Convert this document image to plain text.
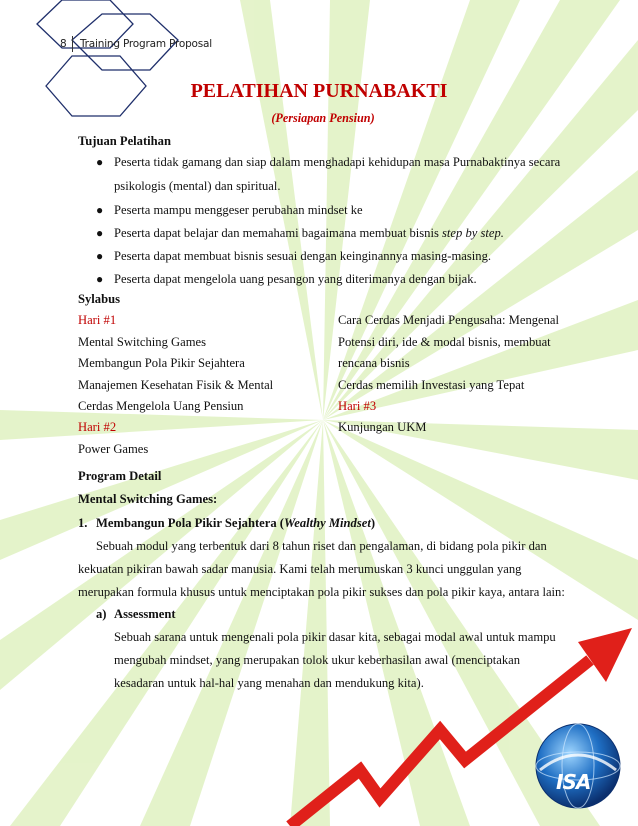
ISA
8 Training Program Proposal
PELATIHAN PURNABAKTI
(Persiapan Pensiun)
Tujuan Pelatihan
● Peserta tidak gamang dan siap dalam menghadapi kehidupan masa Purnabaktinya secara
psikologis (mental) dan spiritual.
● Peserta mampu menggeser perubahan mindset ke
● Peserta dapat belajar dan memahami bagaimana membuat bisnis step by step.
● Peserta dapat membuat bisnis sesuai dengan keinginannya masing-masing.
● Peserta dapat mengelola uang pesangon yang diterimanya dengan bijak.
Sylabus
Hari #1
Mental Switching Games
Membangun Pola Pikir Sejahtera
Manajemen Kesehatan Fisik & Mental
Cerdas Mengelola Uang Pensiun
Hari #2
Power Games
Cara Cerdas Menjadi Pengusaha: Mengenal
Potensi diri, ide & modal bisnis, membuat
rencana bisnis
Cerdas memilih Investasi yang Tepat
Hari #3
Kunjungan UKM
Program Detail
Mental Switching Games:
1. Membangun Pola Pikir Sejahtera (Wealthy Mindset)
Sebuah modul yang terbentuk dari 8 tahun riset dan pengalaman, di bidang pola pikir dan
kekuatan pikiran bawah sadar manusia. Kami telah merumuskan 3 kunci unggulan yang
merupakan formula khusus untuk menciptakan pola pikir sukses dan pola pikir kaya, antara lain:
a) Assessment
Sebuah sarana untuk mengenali pola pikir dasar kita, sebagai modal awal untuk mampu
mengubah mindset, yang merupakan tolok ukur keberhasilan awal (menciptakan
kesadaran untuk hal-hal yang menahan dan mendukung kita).
